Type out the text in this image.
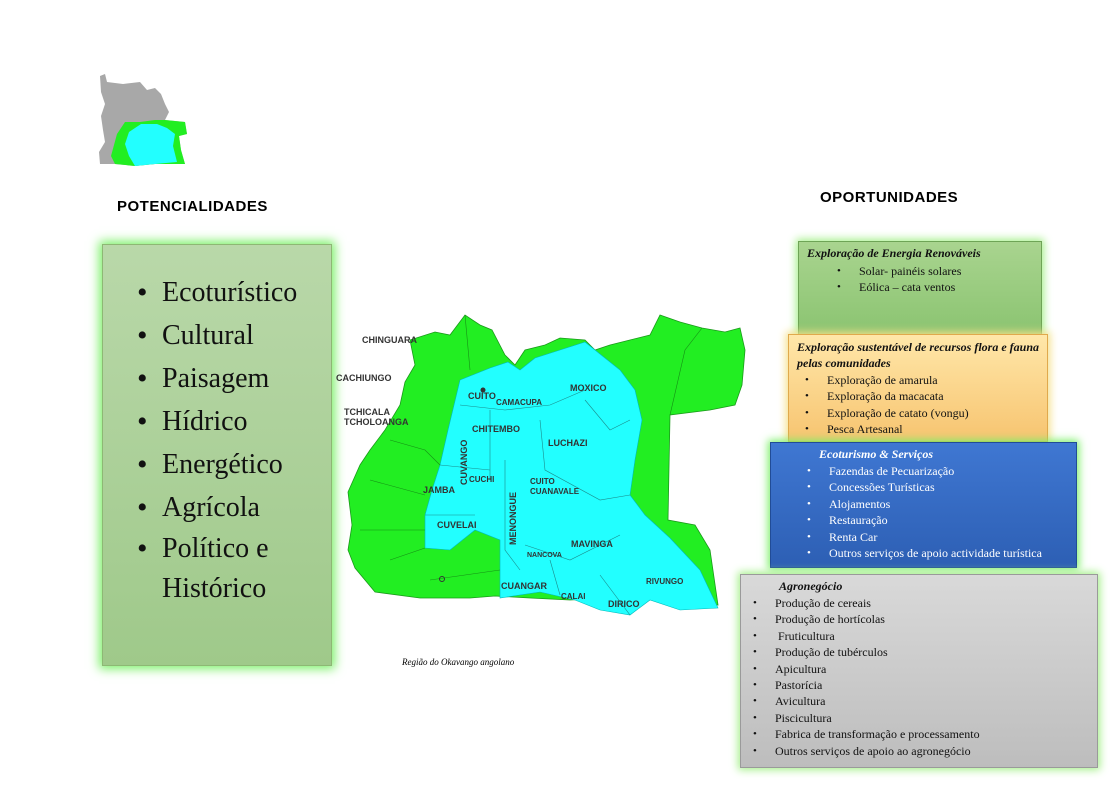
POTENCIALIDADES
OPORTUNIDADES
• Ecoturístico
• Cultural
• Paisagem
• Hídrico
• Energético
• Agrícola
• Político e Histórico
CHINGUARA
CACHIUNGO
TCHICALA
TCHOLOANGA
CUITO
CAMACUPA
MOXICO
CHITEMBO
LUCHAZI
CUVANGO CUCHI
JAMBA
MENONGUE
CUITO
CUANAVALE
CUVELAI
NANCOVA
MAVINGA
CUANGAR
CALAI
DIRICO
RIVUNGO
Região do Okavango angolano
Exploração de Energia Renováveis
• Solar- painéis solares
• Eólica – cata ventos
Exploração sustentável de recursos flora e fauna pelas comunidades
• Exploração de amarula
• Exploração da macacata
• Exploração de catato (vongu)
• Pesca Artesanal
Ecoturismo & Serviços
• Fazendas de Pecuarização
• Concessões Turísticas
• Alojamentos
• Restauração
• Renta Car
• Outros serviços de apoio actividade turística
Agronegócio
• Produção de cereais
• Produção de hortícolas
•  Fruticultura
• Produção de tubérculos
• Apicultura
• Pastorícia
• Avicultura
• Piscicultura
• Fabrica de transformação e processamento
• Outros serviços de apoio ao agronegócio
